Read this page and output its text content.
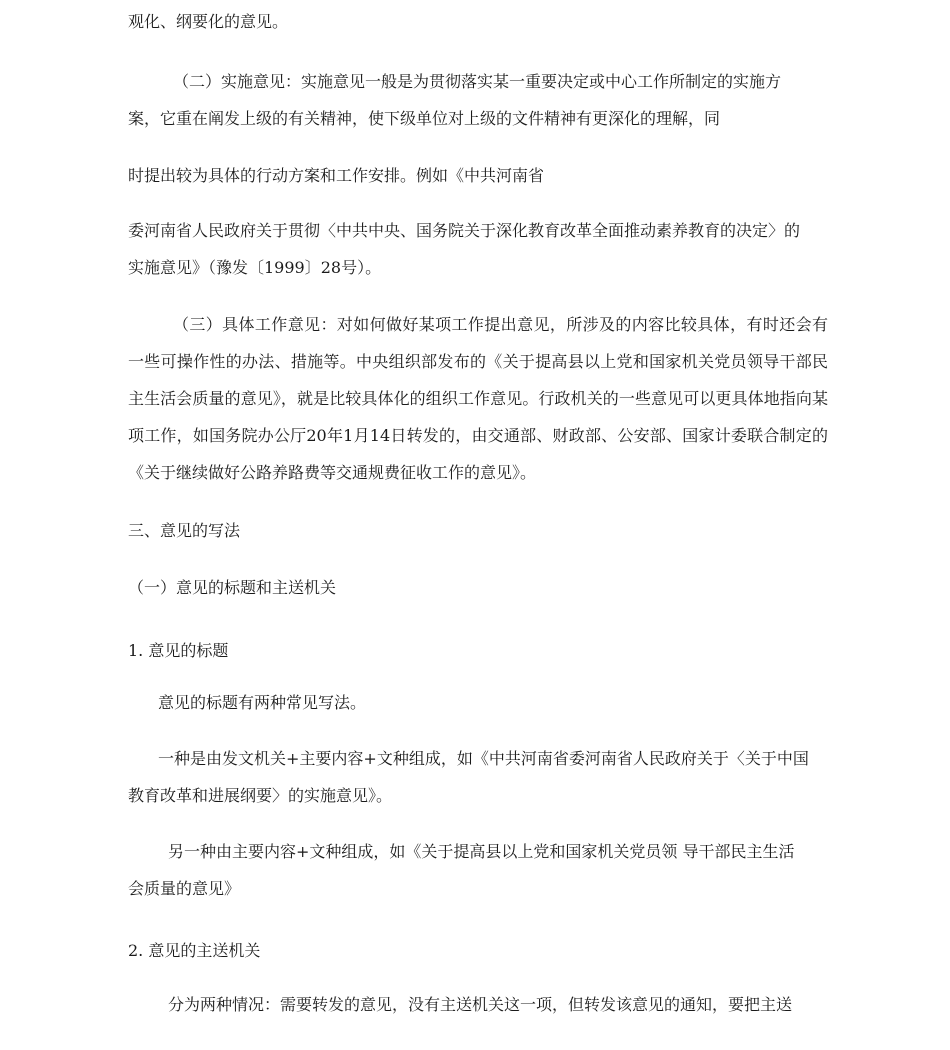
观化、纲要化的意见。

（二）实施意见：实施意见一般是为贯彻落实某一重要决定或中心工作所制定的实施方

案，它重在阐发上级的有关精神，使下级单位对上级的文件精神有更深化的理解，同

时提出较为具体的行动方案和工作安排。例如《中共河南省

委河南省人民政府关于贯彻〈中共中央、国务院关于深化教育改革全面推动素养教育的决定〉的

实施意见》（豫发〔1999〕28号）。

（三）具体工作意见：对如何做好某项工作提出意见，所涉及的内容比较具体，有时还会有一些可操作性的办法、措施等。中央组织部发布的《关于提高县以上党和国家机关党员领导干部民主生活会质量的意见》，就是比较具体化的组织工作意见。行政机关的一些意见可以更具体地指向某项工作，如国务院办公厅20年1月14日转发的，由交通部、财政部、公安部、国家计委联合制定的《关于继续做好公路养路费等交通规费征收工作的意见》。

三、意见的写法

（一）意见的标题和主送机关

1. 意见的标题

意见的标题有两种常见写法。

一种是由发文机关+主要内容+文种组成，如《中共河南省委河南省人民政府关于〈关于中国

教育改革和进展纲要〉的实施意见》。

另一种由主要内容+文种组成，如《关于提高县以上党和国家机关党员领 导干部民主生活

会质量的意见》

2. 意见的主送机关

分为两种情况：需要转发的意见，没有主送机关这一项，但转发该意见的通知，要把主送
